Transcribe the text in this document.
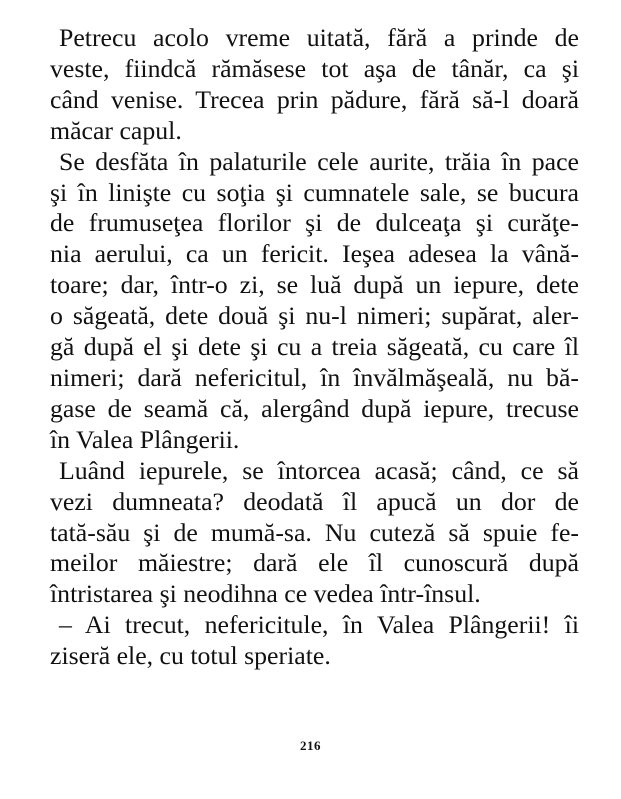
Petrecu acolo vreme uitată, fără a prinde de
veste, fiindcă rămăsese tot aşa de tânăr, ca şi
când venise. Trecea prin pădure, fără să-l doară
măcar capul.
Se desfăta în palaturile cele aurite, trăia în pace
şi în linişte cu soţia şi cumnatele sale, se bucura
de frumuseţea florilor şi de dulceaţa şi curăţe-
nia aerului, ca un fericit. Ieşea adesea la vână-
toare; dar, într-o zi, se luă după un iepure, dete
o săgeată, dete două şi nu-l nimeri; supărat, aler-
gă după el şi dete şi cu a treia săgeată, cu care îl
nimeri; dară nefericitul, în învălmăşeală, nu bă-
gase de seamă că, alergând după iepure, trecuse
în Valea Plângerii.
Luând iepurele, se întorcea acasă; când, ce să
vezi dumneata? deodată îl apucă un dor de
tată-său şi de mumă-sa. Nu cuteză să spuie fe-
meilor măiestre; dară ele îl cunoscură după
întristarea şi neodihna ce vedea într-însul.
– Ai trecut, nefericitule, în Valea Plângerii! îi
ziseră ele, cu totul speriate.
216
